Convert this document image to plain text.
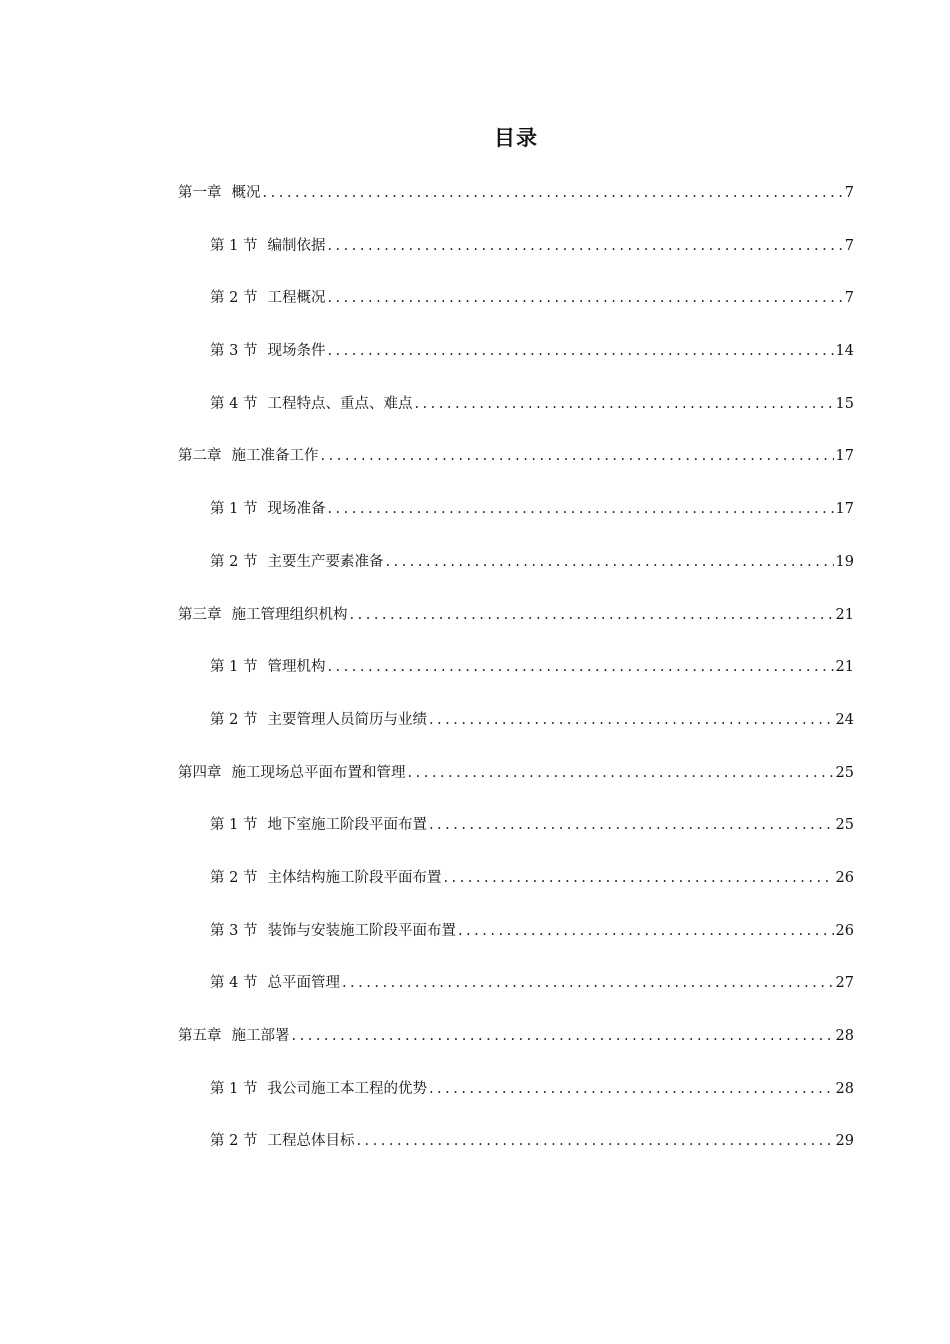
目录
第一章 概况 .....	7
第 1 节 编制依据 .....	7
第 2 节 工程概况 .....	7
第 3 节 现场条件 .....	14
第 4 节 工程特点、重点、难点 .....	15
第二章 施工准备工作 .....	17
第 1 节 现场准备 .....	17
第 2 节 主要生产要素准备 .....	19
第三章 施工管理组织机构 .....	21
第 1 节 管理机构 .....	21
第 2 节 主要管理人员简历与业绩 .....	24
第四章 施工现场总平面布置和管理 .....	25
第 1 节 地下室施工阶段平面布置 .....	25
第 2 节 主体结构施工阶段平面布置 .....	26
第 3 节 装饰与安装施工阶段平面布置 .....	26
第 4 节 总平面管理 .....	27
第五章 施工部署 .....	28
第 1 节 我公司施工本工程的优势 .....	28
第 2 节 工程总体目标 .....	29
